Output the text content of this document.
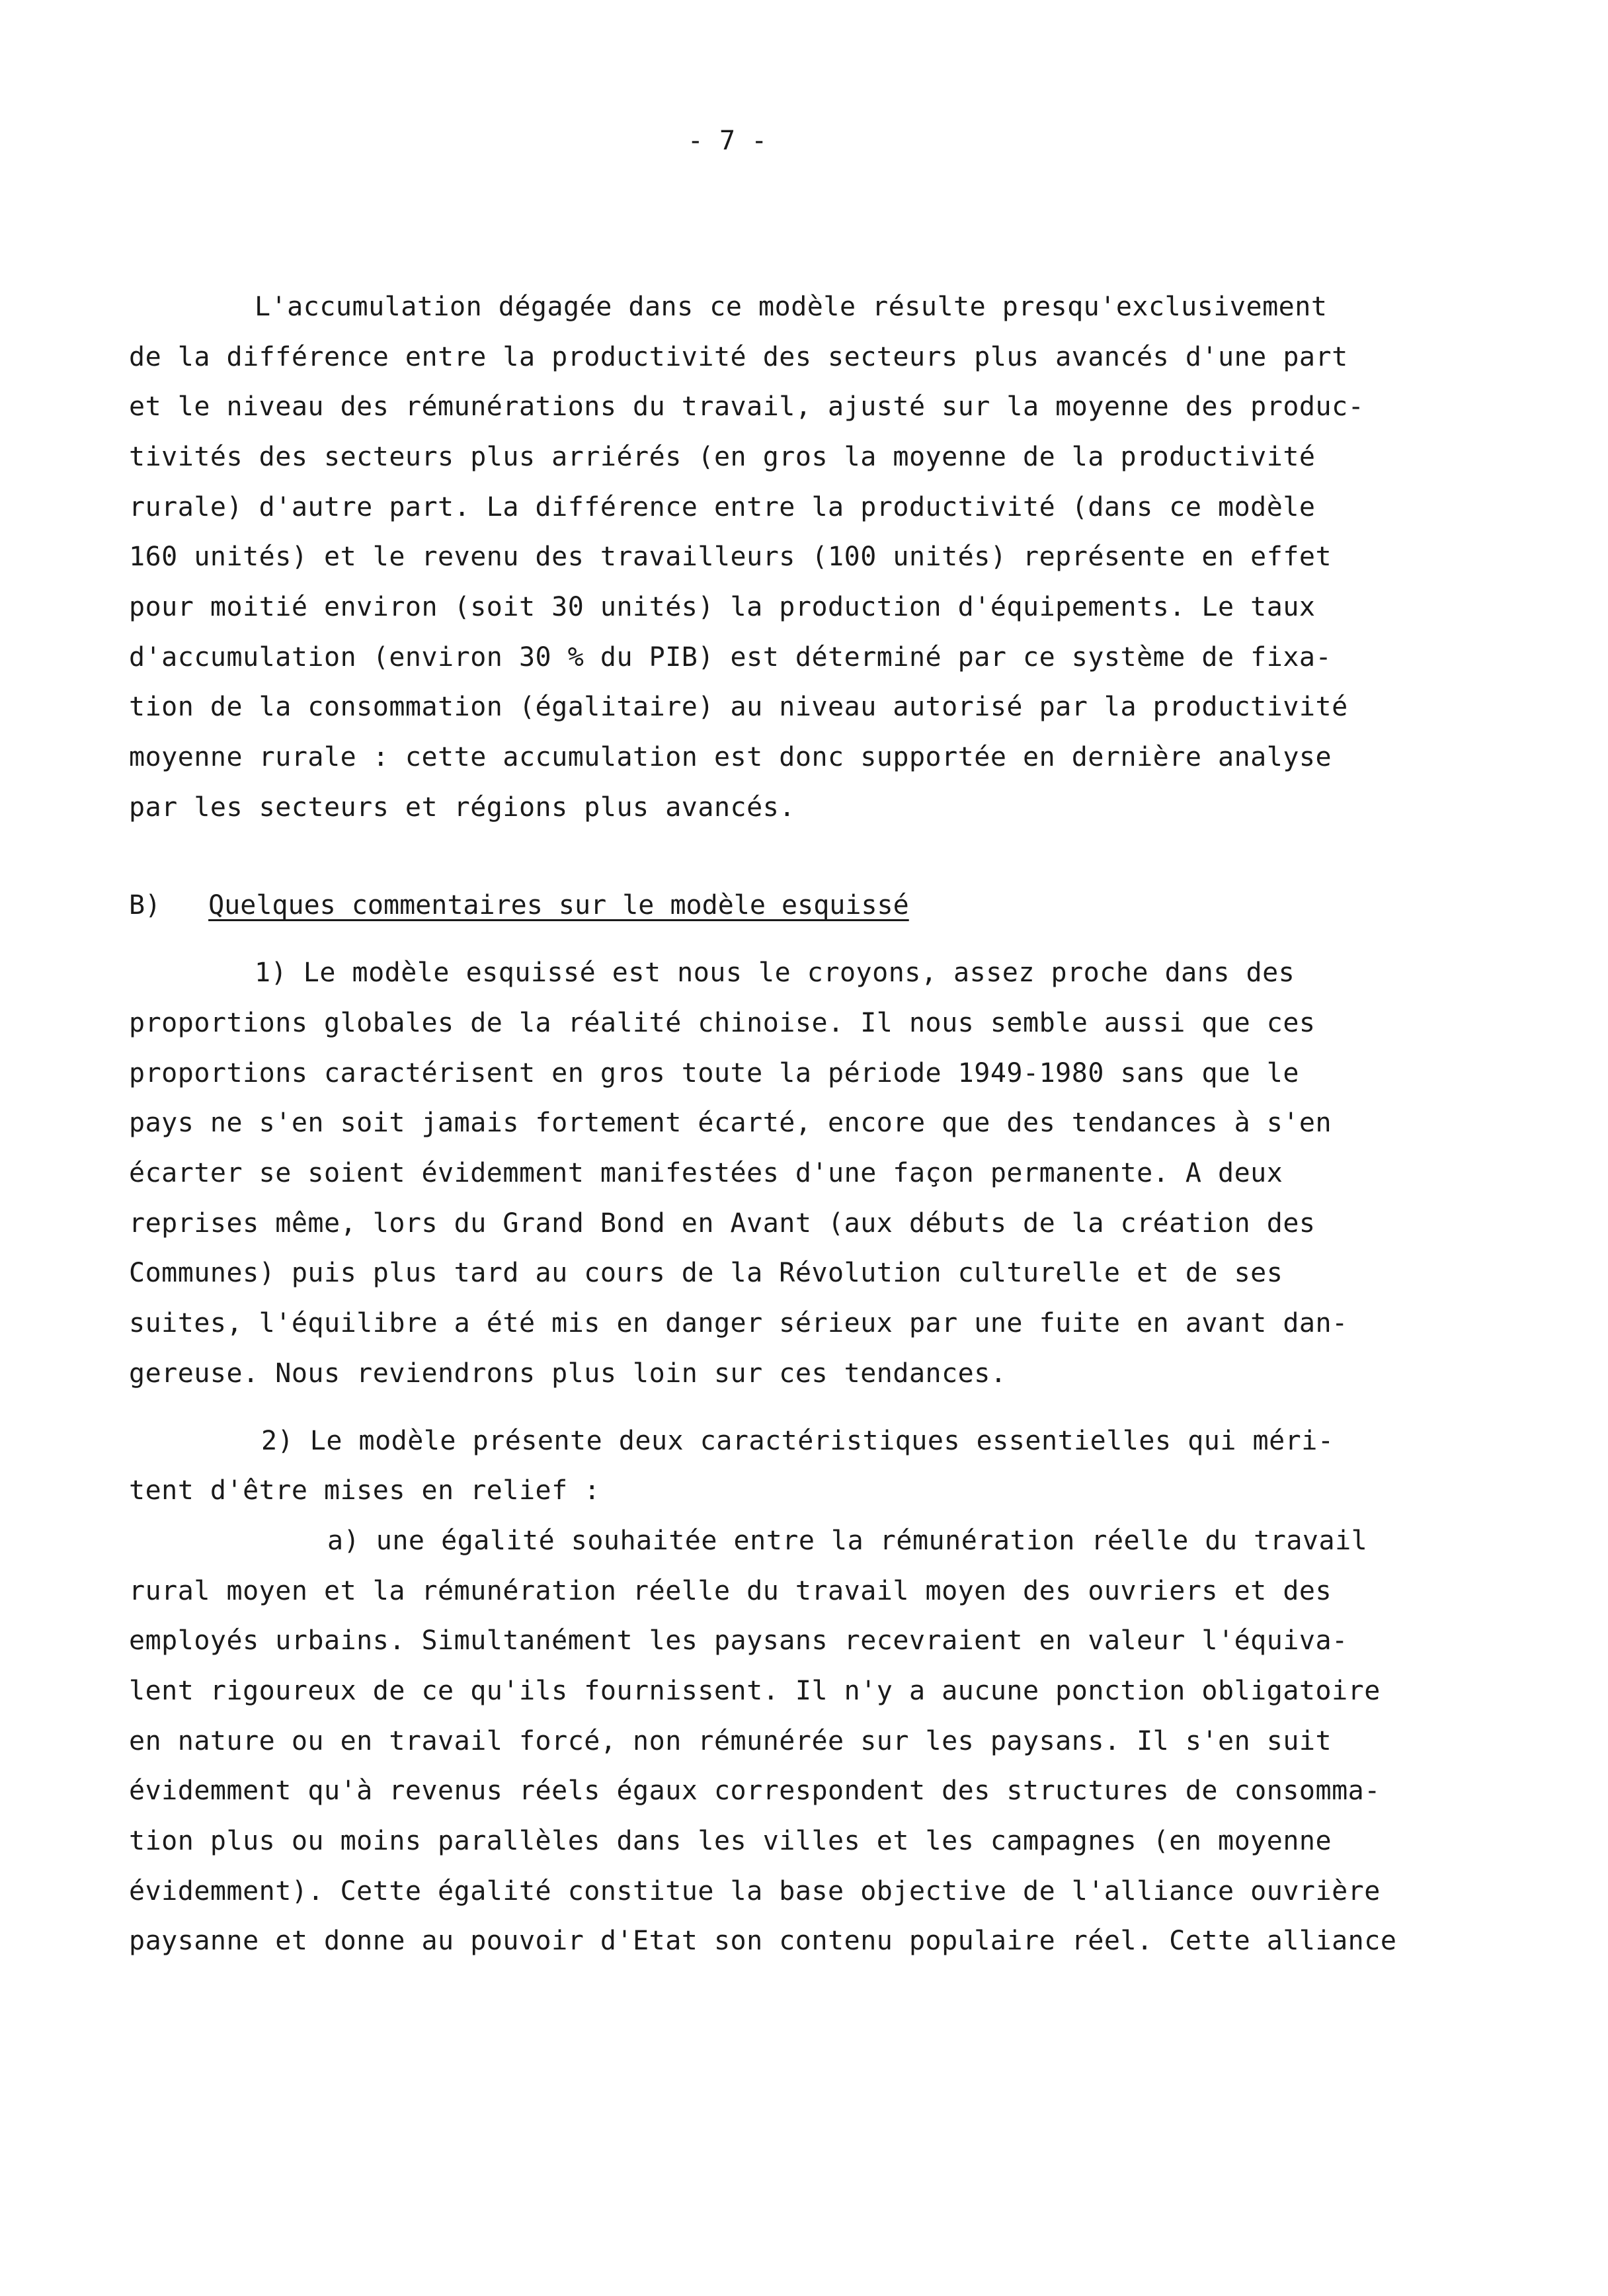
- 7 -
L'accumulation dégagée dans ce modèle résulte presqu'exclusivement
de la différence entre la productivité des secteurs plus avancés d'une part
et le niveau des rémunérations du travail, ajusté sur la moyenne des produc-
tivités des secteurs plus arriérés (en gros la moyenne de la productivité
rurale) d'autre part. La différence entre la productivité (dans ce modèle
160 unités) et le revenu des travailleurs (100 unités) représente en effet
pour moitié environ (soit 30 unités) la production d'équipements. Le taux
d'accumulation (environ 30 % du PIB) est déterminé par ce système de fixa-
tion de la consommation (égalitaire) au niveau autorisé par la productivité
moyenne rurale : cette accumulation est donc supportée en dernière analyse
par les secteurs et régions plus avancés.
B) Quelques commentaires sur le modèle esquissé
1) Le modèle esquissé est nous le croyons, assez proche dans des
proportions globales de la réalité chinoise. Il nous semble aussi que ces
proportions caractérisent en gros toute la période 1949-1980 sans que le
pays ne s'en soit jamais fortement écarté, encore que des tendances à s'en
écarter se soient évidemment manifestées d'une façon permanente. A deux
reprises même, lors du Grand Bond en Avant (aux débuts de la création des
Communes) puis plus tard au cours de la Révolution culturelle et de ses
suites, l'équilibre a été mis en danger sérieux par une fuite en avant dan-
gereuse. Nous reviendrons plus loin sur ces tendances.
2) Le modèle présente deux caractéristiques essentielles qui méri-
tent d'être mises en relief :
a) une égalité souhaitée entre la rémunération réelle du travail
rural moyen et la rémunération réelle du travail moyen des ouvriers et des
employés urbains. Simultanément les paysans recevraient en valeur l'équiva-
lent rigoureux de ce qu'ils fournissent. Il n'y a aucune ponction obligatoire
en nature ou en travail forcé, non rémunérée sur les paysans. Il s'en suit
évidemment qu'à revenus réels égaux correspondent des structures de consomma-
tion plus ou moins parallèles dans les villes et les campagnes (en moyenne
évidemment). Cette égalité constitue la base objective de l'alliance ouvrière
paysanne et donne au pouvoir d'Etat son contenu populaire réel. Cette alliance
